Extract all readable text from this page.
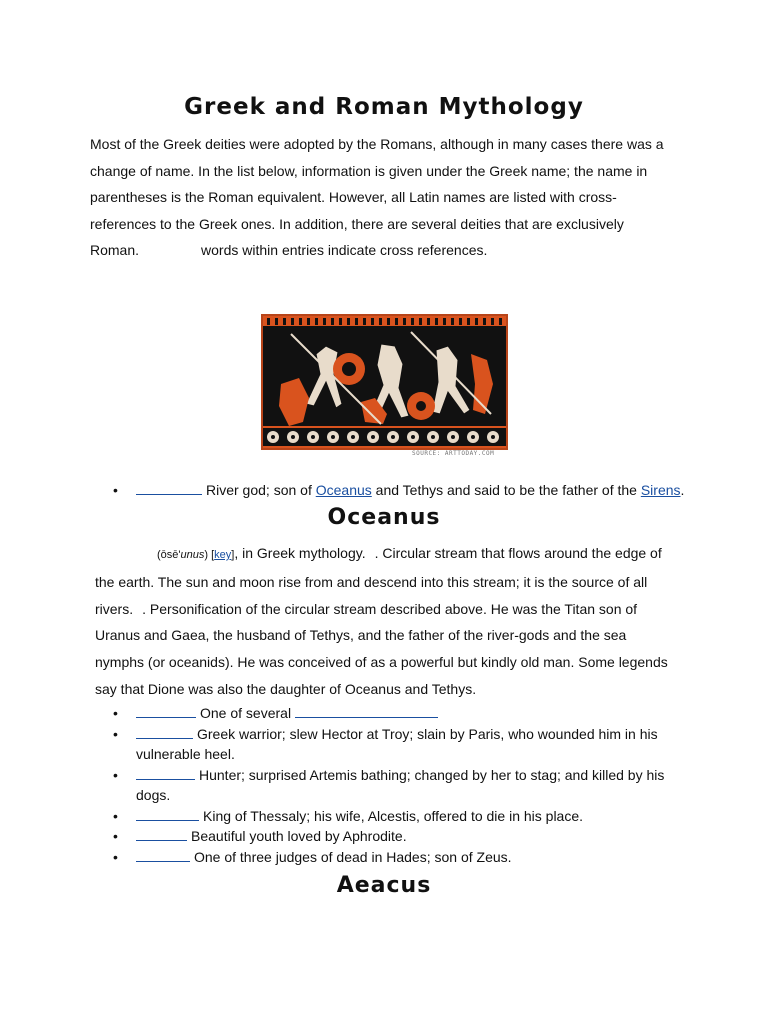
Greek and Roman Mythology

Most of the Greek deities were adopted by the Romans, although in many cases there was a change of name. In the list below, information is given under the Greek name; the name in parentheses is the Roman equivalent. However, all Latin names are listed with cross-references to the Greek ones. In addition, there are several deities that are exclusively Roman.	words within entries indicate cross references.

SOURCE: ARTTODAY.COM
• River god; son of Oceanus and Tethys and said to be the father of the Sirens.
Oceanus

(ōsē'unus) [key], in Greek mythology. . Circular stream that flows around the edge of the earth. The sun and moon rise from and descend into this stream; it is the source of all rivers. . Personification of the circular stream described above. He was the Titan son of Uranus and Gaea, the husband of Tethys, and the father of the river-gods and the sea nymphs (or oceanids). He was conceived of as a powerful but kindly old man. Some legends say that Dione was also the daughter of Oceanus and Tethys.

• One of several
• Greek warrior; slew Hector at Troy; slain by Paris, who wounded him in his vulnerable heel.
• Hunter; surprised Artemis bathing; changed by her to stag; and killed by his dogs.
• King of Thessaly; his wife, Alcestis, offered to die in his place.
• Beautiful youth loved by Aphrodite.
• One of three judges of dead in Hades; son of Zeus.
Aeacus
